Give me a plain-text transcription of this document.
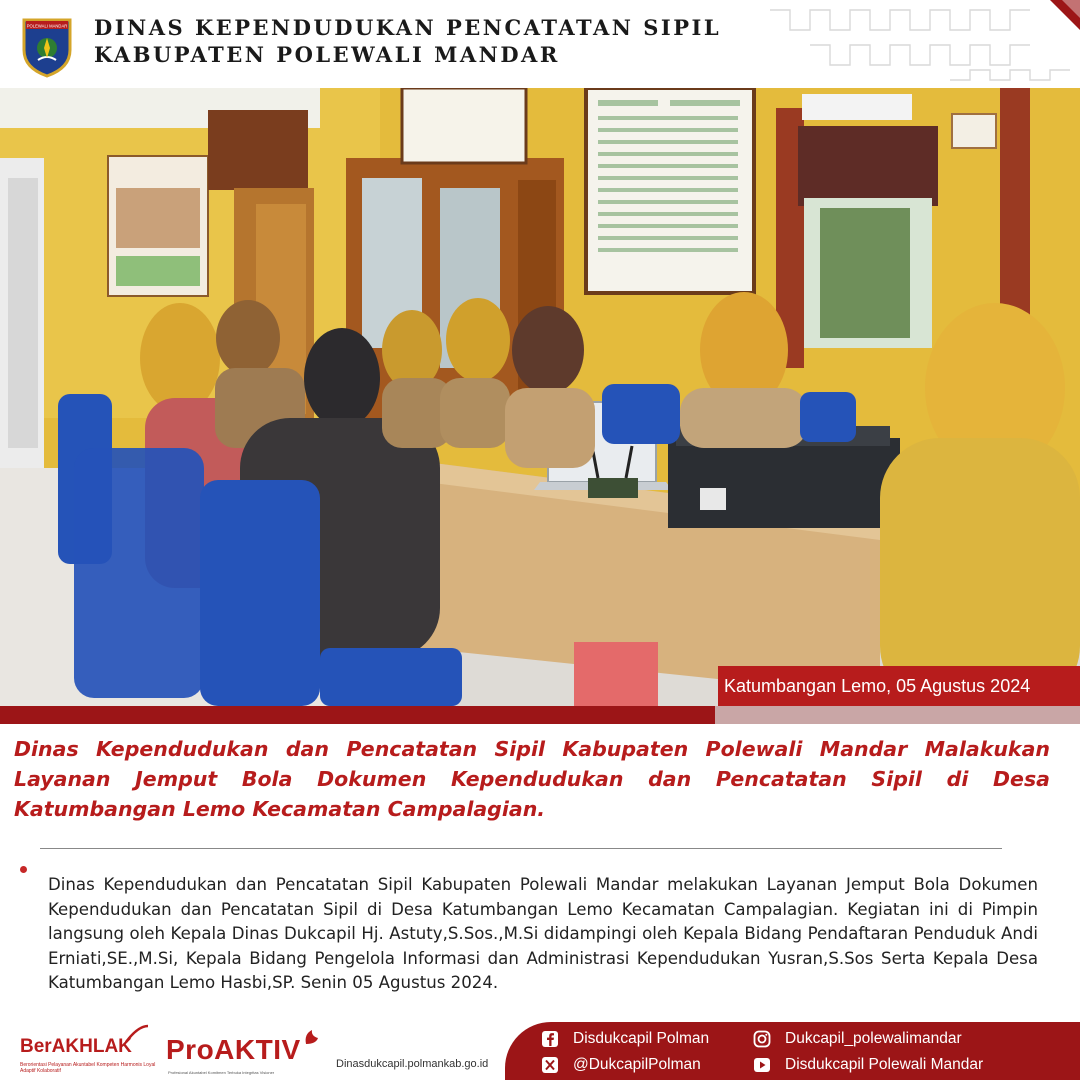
POLEWALI MANDAR DINAS KEPENDUDUKAN PENCATATAN SIPIL
KABUPATEN POLEWALI MANDAR
Katumbangan Lemo, 05 Agustus 2024
Dinas Kependudukan dan Pencatatan Sipil Kabupaten Polewali Mandar Malakukan Layanan Jemput Bola Dokumen Kependudukan dan Pencatatan Sipil di Desa Katumbangan Lemo Kecamatan Campalagian.
Dinas Kependudukan dan Pencatatan Sipil Kabupaten Polewali Mandar melakukan Layanan Jemput Bola Dokumen Kependudukan dan Pencatatan Sipil di Desa Katumbangan Lemo Kecamatan Campalagian. Kegiatan ini di Pimpin langsung oleh Kepala Dinas Dukcapil Hj. Astuty,S.Sos.,M.Si didampingi oleh Kepala Bidang Pendaftaran Penduduk Andi Erniati,SE.,M.Si, Kepala Bidang Pengelola Informasi dan Administrasi Kependudukan Yusran,S.Sos Serta Kepala Desa Katumbangan Lemo Hasbi,SP. Senin 05 Agustus 2024.
BerAKHLAK
Berorientasi Pelayanan Akuntabel Kompeten Harmonis Loyal Adaptif Kolaboratif
ProAKTIV
Profesional Akuntabel Komitmen Terbuka Integritas Visioner
Dinasdukcapil.polmankab.go.id
Disdukcapil Polman
@DukcapilPolman
Dukcapil_polewalimandar
Disdukcapil Polewali Mandar
